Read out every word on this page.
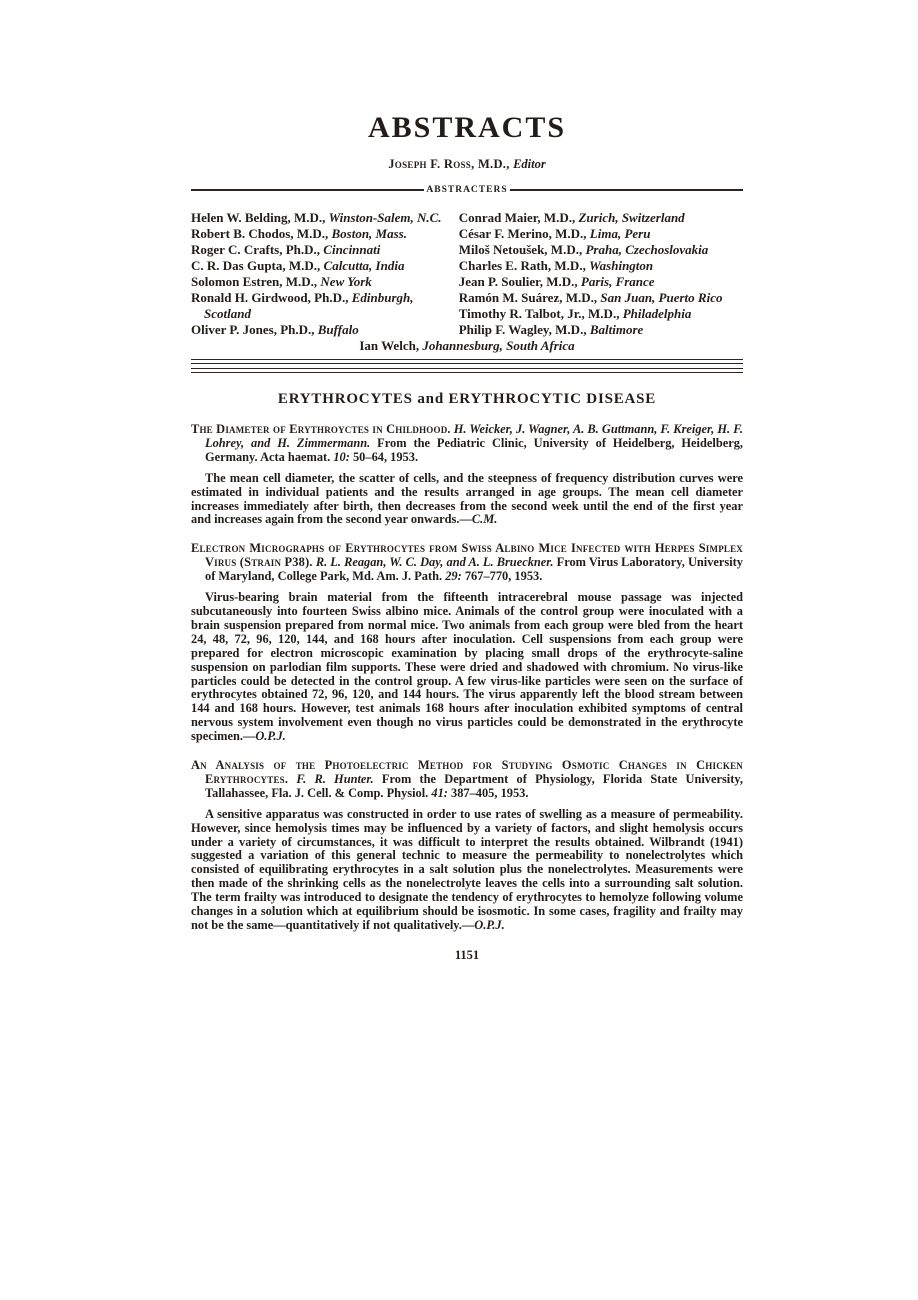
ABSTRACTS
Joseph F. Ross, M.D., Editor
ABSTRACTERS
Helen W. Belding, M.D., Winston-Salem, N.C.
Robert B. Chodos, M.D., Boston, Mass.
Roger C. Crafts, Ph.D., Cincinnati
C. R. Das Gupta, M.D., Calcutta, India
Solomon Estren, M.D., New York
Ronald H. Girdwood, Ph.D., Edinburgh, Scotland
Oliver P. Jones, Ph.D., Buffalo
Conrad Maier, M.D., Zurich, Switzerland
César F. Merino, M.D., Lima, Peru
Miloš Netoušek, M.D., Praha, Czechoslovakia
Charles E. Rath, M.D., Washington
Jean P. Soulier, M.D., Paris, France
Ramón M. Suárez, M.D., San Juan, Puerto Rico
Timothy R. Talbot, Jr., M.D., Philadelphia
Philip F. Wagley, M.D., Baltimore
Ian Welch, Johannesburg, South Africa
ERYTHROCYTES and ERYTHROCYTIC DISEASE

The Diameter of Erythroyctes in Childhood. H. Weicker, J. Wagner, A. B. Guttmann, F. Kreiger, H. F. Lohrey, and H. Zimmermann. From the Pediatric Clinic, University of Heidelberg, Heidelberg, Germany. Acta haemat. 10: 50–64, 1953.

The mean cell diameter, the scatter of cells, and the steepness of frequency distribution curves were estimated in individual patients and the results arranged in age groups. The mean cell diameter increases immediately after birth, then decreases from the second week until the end of the first year and increases again from the second year onwards.—C.M.

Electron Micrographs of Erythrocytes from Swiss Albino Mice Infected with Herpes Simplex Virus (Strain P38). R. L. Reagan, W. C. Day, and A. L. Brueckner. From Virus Laboratory, University of Maryland, College Park, Md. Am. J. Path. 29: 767–770, 1953.

Virus-bearing brain material from the fifteenth intracerebral mouse passage was injected subcutaneously into fourteen Swiss albino mice. Animals of the control group were inoculated with a brain suspension prepared from normal mice. Two animals from each group were bled from the heart 24, 48, 72, 96, 120, 144, and 168 hours after inoculation. Cell suspensions from each group were prepared for electron microscopic examination by placing small drops of the erythrocyte-saline suspension on parlodian film supports. These were dried and shadowed with chromium. No virus-like particles could be detected in the control group. A few virus-like particles were seen on the surface of erythrocytes obtained 72, 96, 120, and 144 hours. The virus apparently left the blood stream between 144 and 168 hours. However, test animals 168 hours after inoculation exhibited symptoms of central nervous system involvement even though no virus particles could be demonstrated in the erythrocyte specimen.—O.P.J.

An Analysis of the Photoelectric Method for Studying Osmotic Changes in Chicken Erythrocytes. F. R. Hunter. From the Department of Physiology, Florida State University, Tallahassee, Fla. J. Cell. & Comp. Physiol. 41: 387–405, 1953.

A sensitive apparatus was constructed in order to use rates of swelling as a measure of permeability. However, since hemolysis times may be influenced by a variety of factors, and slight hemolysis occurs under a variety of circumstances, it was difficult to interpret the results obtained. Wilbrandt (1941) suggested a variation of this general technic to measure the permeability to nonelectrolytes which consisted of equilibrating erythrocytes in a salt solution plus the nonelectrolytes. Measurements were then made of the shrinking cells as the nonelectrolyte leaves the cells into a surrounding salt solution. The term frailty was introduced to designate the tendency of erythrocytes to hemolyze following volume changes in a solution which at equilibrium should be isosmotic. In some cases, fragility and frailty may not be the same—quantitatively if not qualitatively.—O.P.J.

1151
